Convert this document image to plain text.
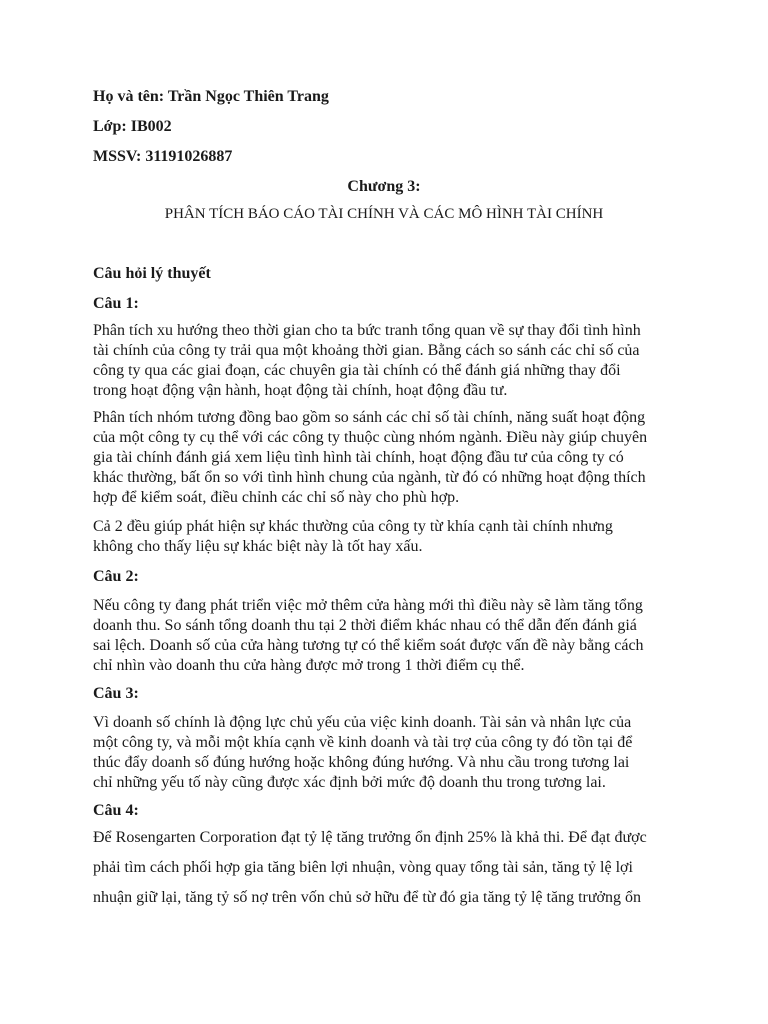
Họ và tên: Trần Ngọc Thiên Trang
Lớp: IB002
MSSV: 31191026887
Chương 3:
PHÂN TÍCH BÁO CÁO TÀI CHÍNH VÀ CÁC MÔ HÌNH TÀI CHÍNH
Câu hỏi lý thuyết
Câu 1:
Phân tích xu hướng theo thời gian cho ta bức tranh tổng quan về sự thay đổi tình hình
tài chính của công ty trải qua một khoảng thời gian. Bằng cách so sánh các chỉ số của
công ty qua các giai đoạn, các chuyên gia tài chính có thể đánh giá những thay đổi
trong hoạt động vận hành, hoạt động tài chính, hoạt động đầu tư.
Phân tích nhóm tương đồng bao gồm so sánh các chỉ số tài chính, năng suất hoạt động
của một công ty cụ thể với các công ty thuộc cùng nhóm ngành. Điều này giúp chuyên
gia tài chính đánh giá xem liệu tình hình tài chính, hoạt động đầu tư của công ty có
khác thường, bất ổn so với tình hình chung của ngành, từ đó có những hoạt động thích
hợp để kiểm soát, điều chỉnh các chỉ số này cho phù hợp.
Cả 2 đều giúp phát hiện sự khác thường của công ty từ khía cạnh tài chính nhưng
không cho thấy liệu sự khác biệt này là tốt hay xấu.
Câu 2:
Nếu công ty đang phát triển việc mở thêm cửa hàng mới thì điều này sẽ làm tăng tổng
doanh thu. So sánh tổng doanh thu tại 2 thời điểm khác nhau có thể dẫn đến đánh giá
sai lệch. Doanh số của cửa hàng tương tự có thể kiểm soát được vấn đề này bằng cách
chỉ nhìn vào doanh thu cửa hàng được mở trong 1 thời điểm cụ thể.
Câu 3:
Vì doanh số chính là động lực chủ yếu của việc kinh doanh. Tài sản và nhân lực của
một công ty, và mỗi một khía cạnh về kinh doanh và tài trợ của công ty đó tồn tại để
thúc đẩy doanh số đúng hướng hoặc không đúng hướng. Và nhu cầu trong tương lai
chỉ những yếu tố này cũng được xác định bởi mức độ doanh thu trong tương lai.
Câu 4:
Để Rosengarten Corporation đạt tỷ lệ tăng trưởng ổn định 25% là khả thi. Để đạt được
phải tìm cách phối hợp gia tăng biên lợi nhuận, vòng quay tổng tài sản, tăng tỷ lệ lợi
nhuận giữ lại, tăng tỷ số nợ trên vốn chủ sở hữu để từ đó gia tăng tỷ lệ tăng trưởng ổn
